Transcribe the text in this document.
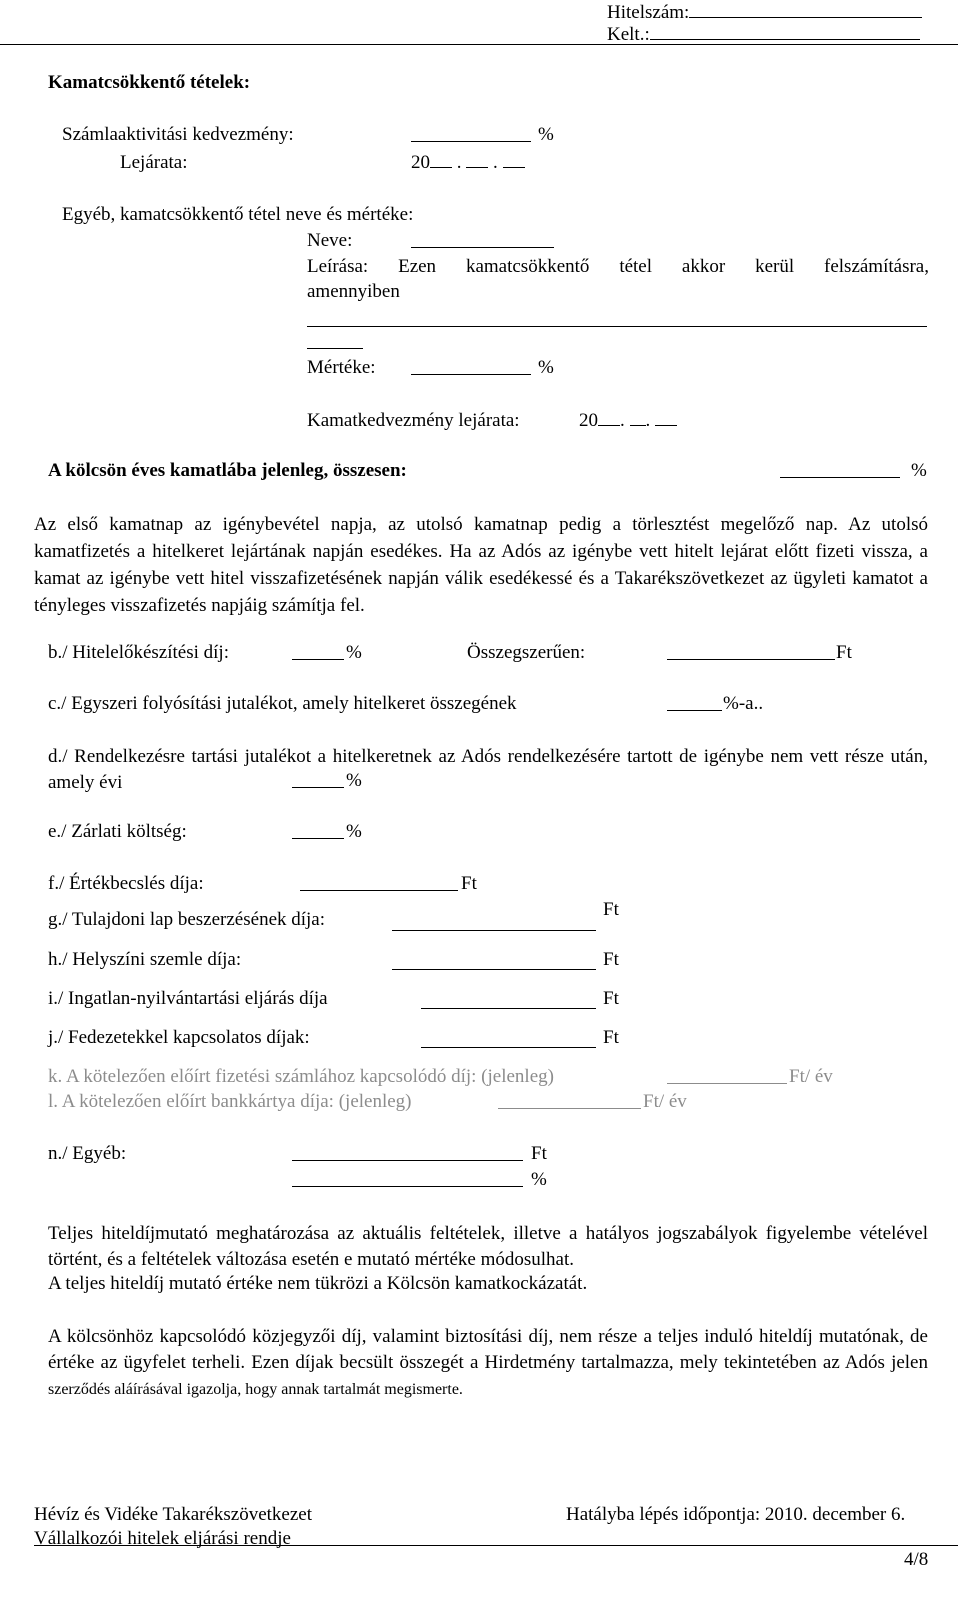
Hitelszám:
Kelt.:
Kamatcsökkentő tételek:
Számlaaktivitási kedvezmény:	%
Lejárata:	20 . .
Egyéb, kamatcsökkentő tétel neve és mértéke:
Neve:
Leírása: Ezen kamatcsökkentő tétel akkor kerül felszámításra,
amennyiben
Mértéke:	%
Kamatkedvezmény lejárata:	20 . .
A kölcsön éves kamatlába jelenleg, összesen:	%
Az első kamatnap az igénybevétel napja, az utolsó kamatnap pedig a törlesztést megelőző nap. Az utolsó kamatfizetés a hitelkeret lejártának napján esedékes. Ha az Adós az igénybe vett hitelt lejárat előtt fizeti vissza, a kamat az igénybe vett hitel visszafizetésének napján válik esedékessé és a Takarékszövetkezet az ügyleti kamatot a tényleges visszafizetés napjáig számítja fel.
b./ Hitelelőkészítési díj:	%	Összegszerűen:	Ft
c./ Egyszeri folyósítási jutalékot, amely hitelkeret összegének	%-a..
d./ Rendelkezésre tartási jutalékot a hitelkeretnek az Adós rendelkezésére tartott de igénybe nem vett része után, amely évi	%
e./ Zárlati költség:	%
f./ Értékbecslés díja:	Ft
g./ Tulajdoni lap beszerzésének díja:	Ft
h./ Helyszíni szemle díja:	Ft
i./ Ingatlan-nyilvántartási eljárás díja	Ft
j./ Fedezetekkel kapcsolatos díjak:	Ft
k. A kötelezően előírt fizetési számlához kapcsolódó díj: (jelenleg)	Ft/ év
l. A kötelezően előírt bankkártya díja: (jelenleg)	Ft/ év
n./ Egyéb:	Ft
%
Teljes hiteldíjmutató meghatározása az aktuális feltételek, illetve a hatályos jogszabályok figyelembe vételével történt, és a feltételek változása esetén e mutató mértéke módosulhat.
A teljes hiteldíj mutató értéke nem tükrözi a Kölcsön kamatkockázatát.
A kölcsönhöz kapcsolódó közjegyzői díj, valamint biztosítási díj, nem része a teljes induló hiteldíj mutatónak, de értéke az ügyfelet terheli. Ezen díjak becsült összegét a Hirdetmény tartalmazza, mely tekintetében az Adós jelen szerződés aláírásával igazolja, hogy annak tartalmát megismerte.
Hévíz és Vidéke Takarékszövetkezet	Hatályba lépés időpontja: 2010. december 6.
Vállalkozói hitelek eljárási rendje
4/8
